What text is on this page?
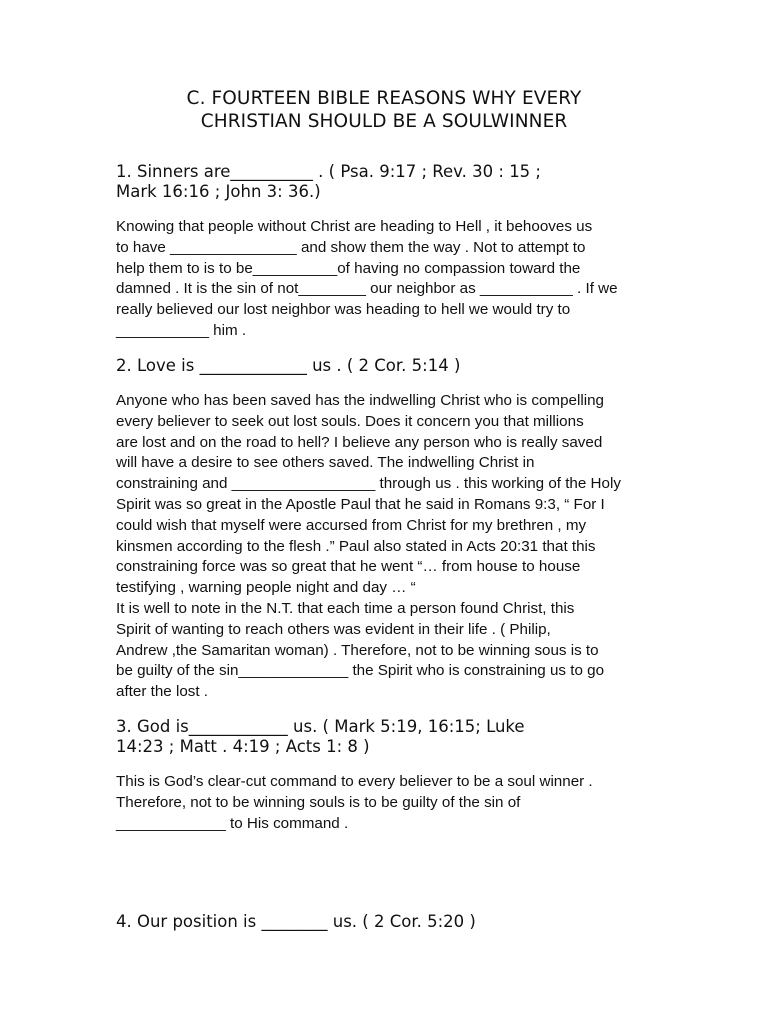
C. FOURTEEN BIBLE REASONS WHY EVERY
CHRISTIAN SHOULD BE A SOULWINNER
1. Sinners are__________ . ( Psa. 9:17 ; Rev. 30 : 15 ;
Mark 16:16 ; John 3: 36.)
Knowing that people without Christ are heading to Hell , it behooves us
to have _______________ and show them the way . Not to attempt to
help them to is to be__________of having no compassion toward the
damned . It is the sin of not________ our neighbor as ___________ . If we
really believed our lost neighbor was heading to hell we would try to
___________ him .
2. Love is _____________ us . ( 2 Cor. 5:14 )
Anyone who has been saved has the indwelling Christ who is compelling
every believer to seek out lost souls. Does it concern you that millions
are lost and on the road to hell? I believe any person who is really saved
will have a desire to see others saved. The indwelling Christ in
constraining and _________________ through us . this working of the Holy
Spirit was so great in the Apostle Paul that he said in Romans 9:3, “ For I
could wish that myself were accursed from Christ for my brethren , my
kinsmen according to the flesh .” Paul also stated in Acts 20:31 that this
constraining force was so great that he went “… from house to house
testifying , warning people night and day … “
It is well to note in the N.T. that each time a person found Christ, this
Spirit of wanting to reach others was evident in their life . ( Philip,
Andrew ,the Samaritan woman) . Therefore, not to be winning sous is to
be guilty of the sin_____________ the Spirit who is constraining us to go
after the lost .
3. God is____________ us. ( Mark 5:19, 16:15; Luke
14:23 ; Matt . 4:19 ; Acts 1: 8 )
This is God’s clear-cut command to every believer to be a soul winner .
Therefore, not to be winning souls is to be guilty of the sin of
_____________ to His command .
4. Our position is ________ us. ( 2 Cor. 5:20 )
